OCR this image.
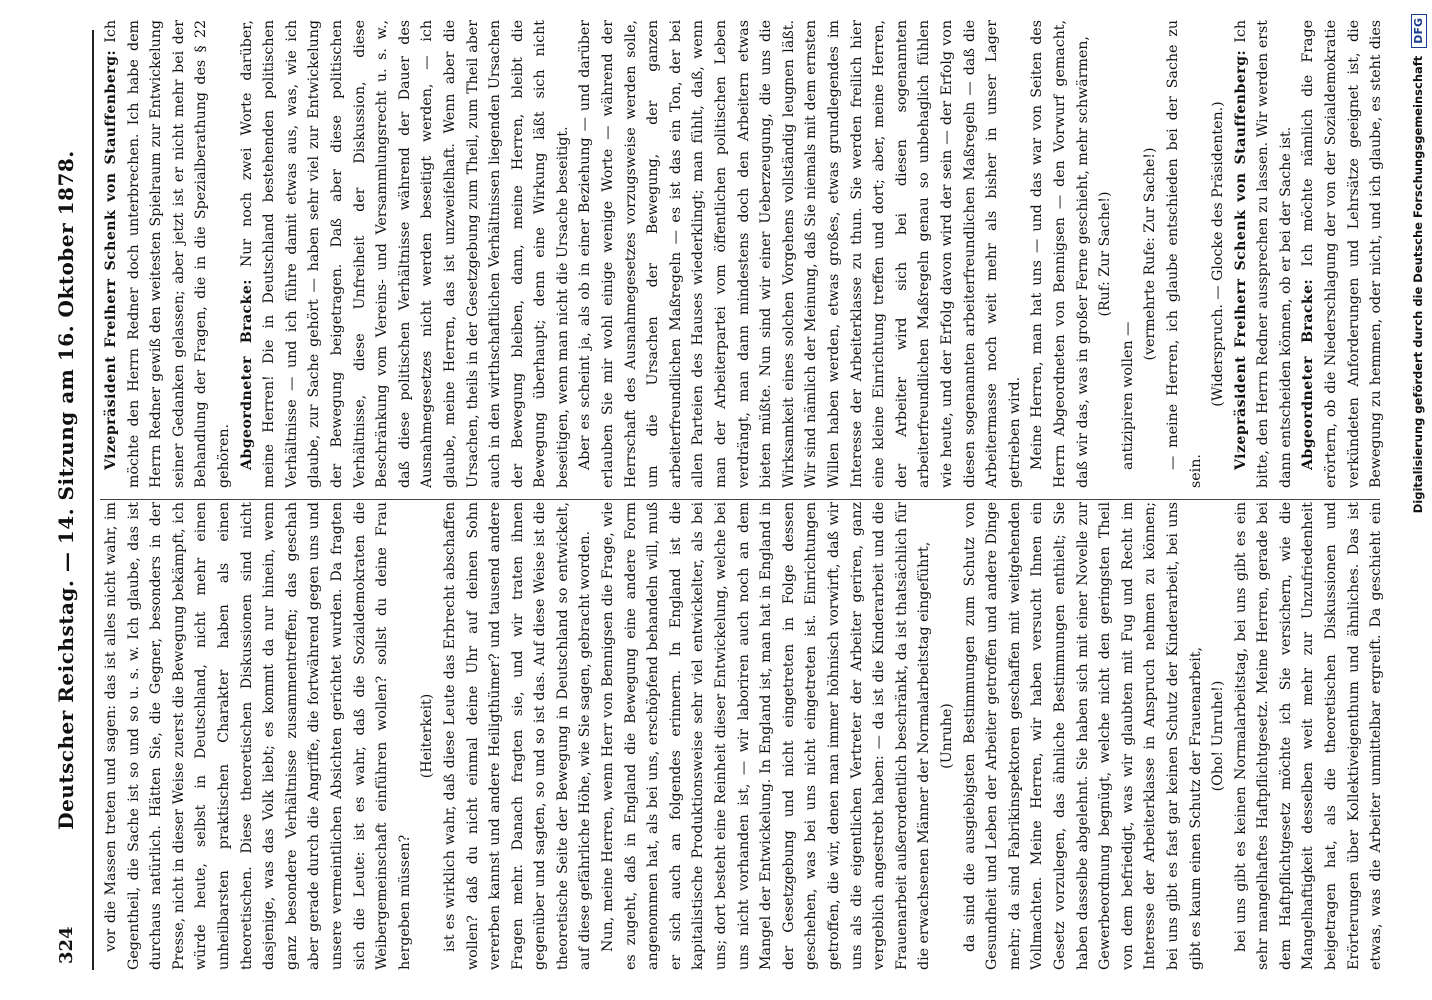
324
Deutscher Reichstag. — 14. Sitzung am 16. Oktober 1878. vor die Massen treten und sagen: das ist alles nicht wahr, im Gegentheil, die Sache ist so und so u. s. w. Ich glaube, das ist durchaus natürlich. Hätten Sie, die Gegner, besonders in der Presse, nicht in dieser Weise zuerst die Bewegung bekämpft, ich würde heute, selbst in Deutschland, nicht mehr einen unheilbarsten praktischen Charakter haben als einen theoretischen. Diese theoretischen Diskussionen sind nicht dasjenige, was das Volk liebt; es kommt da nur hinein, wenn ganz besondere Verhältnisse zusammentreffen; das geschah aber gerade durch die Angriffe, die fortwährend gegen uns und unsere vermeintlichen Absichten gerichtet wurden. Da fragten sich die Leute: ist es wahr, daß die Sozialdemokraten die Weibergemeinschaft einführen wollen? sollst du deine Frau hergeben müssen?

(Heiterkeit) ist es wirklich wahr, daß diese Leute das Erbrecht abschaffen wollen? daß du nicht einmal deine Uhr auf deinen Sohn vererben kannst und andere Heiligthümer? und tausend andere Fragen mehr. Danach fragten sie, und wir traten ihnen gegenüber und sagten, so und so ist das. Auf diese Weise ist die theoretische Seite der Bewegung in Deutschland so entwickelt, auf diese gefährliche Höhe, wie Sie sagen, gebracht worden. Nun, meine Herren, wenn Herr von Bennigsen die Frage, wie es zugeht, daß in England die Bewegung eine andere Form angenommen hat, als bei uns, erschöpfend behandeln will, muß er sich auch an folgendes erinnern. In England ist die kapitalistische Produktionsweise sehr viel entwickelter, als bei uns; dort besteht eine Reinheit dieser Entwickelung, welche bei uns nicht vorhanden ist, — wir laboriren auch noch an dem Mangel der Entwickelung. In England ist, man hat in England in der Gesetzgebung und nicht eingetreten in Folge dessen geschehen, was bei uns nicht eingetreten ist. Einrichtungen getroffen, die wir, denen man immer höhnisch vorwirft, daß wir uns als die eigentlichen Vertreter der Arbeiter geriren, ganz vergeblich angestrebt haben: — da ist die Kinderarbeit und die Frauenarbeit außerordentlich beschränkt, da ist thatsächlich für die erwachsenen Männer der Normalarbeitstag eingeführt, (Unruhe) da sind die ausgiebigsten Bestimmungen zum Schutz von Gesundheit und Leben der Arbeiter getroffen und andere Dinge mehr; da sind Fabrikinspektoren geschaffen mit weitgehenden Vollmachten. Meine Herren, wir haben versucht Ihnen ein Gesetz vorzulegen, das ähnliche Bestimmungen enthielt; Sie haben dasselbe abgelehnt. Sie haben sich mit einer Novelle zur Gewerbeordnung begnügt, welche nicht den geringsten Theil von dem befriedigt, was wir glaubten mit Fug und Recht im Interesse der Arbeiterklasse in Anspruch nehmen zu können; bei uns gibt es fast gar keinen Schutz der Kinderarbeit, bei uns gibt es kaum einen Schutz der Frauenarbeit, (Oho! Unruhe!)

bei uns gibt es keinen Normalarbeitstag, bei uns gibt es ein sehr mangelhaftes Haftpflichtgesetz. Meine Herren, gerade bei dem Haftpflichtgesetz möchte ich Sie versichern, wie die Mangelhaftigkeit desselben weit mehr zur Unzufriedenheit beigetragen hat, als die theoretischen Diskussionen und Erörterungen über Kollektiveigenthum und ähnliches. Das ist etwas, was die Arbeiter unmittelbar ergreift. Da geschieht ein

Vizepräsident Freiherr Schenk von Stauffenberg: Ich möchte den Herrn Redner doch unterbrechen. Ich habe dem Herrn Redner gewiß den weitesten Spielraum zur Entwickelung seiner Gedanken gelassen; aber jetzt ist er nicht mehr bei der Behandlung der Fragen, die in die Spezialberathung des § 22 gehören. Abgeordneter Bracke: Nur noch zwei Worte darüber, meine Herren! Die in Deutschland bestehenden politischen Verhältnisse — und ich führe damit etwas aus, was, wie ich glaube, zur Sache gehört — haben sehr viel zur Entwickelung der Bewegung beigetragen. Daß aber diese politischen Verhältnisse, diese Unfreiheit der Diskussion, diese Beschränkung vom Vereins- und Versammlungsrecht u. s. w., daß diese politischen Verhältnisse während der Dauer des Ausnahmegesetzes nicht werden beseitigt werden, — ich glaube, meine Herren, das ist unzweifelhaft. Wenn aber die Ursachen, theils in der Gesetzgebung zum Theil, zum Theil aber auch in den wirthschaftlichen Verhältnissen liegenden Ursachen der Bewegung bleiben, dann, meine Herren, bleibt die Bewegung überhaupt; denn eine Wirkung läßt sich nicht beseitigen, wenn man nicht die Ursache beseitigt. Aber es scheint ja, als ob in einer Beziehung — und darüber erlauben Sie mir wohl einige wenige Worte — während der Herrschaft des Ausnahmegesetzes vorzugsweise werden solle, um die Ursachen der Bewegung, der ganzen arbeiterfreundlichen Maßregeln — es ist das ein Ton, der bei allen Parteien des Hauses wiederklingt; man fühlt, daß, wenn man der Arbeiterpartei vom öffentlichen politischen Leben verdrängt, man dann mindestens doch den Arbeitern etwas bieten müßte. Nun sind wir einer Ueberzeugung, die uns die Wirksamkeit eines solchen Vorgehens vollständig leugnen läßt. Wir sind nämlich der Meinung, daß Sie niemals mit dem ernsten Willen haben werden, etwas großes, etwas grundlegendes im Interesse der Arbeiterklasse zu thun. Sie werden freilich hier eine kleine Einrichtung treffen und dort; aber, meine Herren, der Arbeiter wird sich bei diesen sogenannten arbeiterfreundlichen Maßregeln genau so unbehaglich fühlen wie heute, und der Erfolg davon wird der sein — der Erfolg von diesen sogenannten arbeiterfreundlichen Maßregeln — daß die Arbeitermasse noch weit mehr als bisher in unser Lager getrieben wird. Meine Herren, man hat uns — und das war von Seiten des Herrn Abgeordneten von Bennigsen — den Vorwurf gemacht, daß wir das, was in großer Ferne geschieht, mehr schwärmen, (Ruf: Zur Sache!)

antizipiren wollen —

(vermehrte Rufe: Zur Sache!) — meine Herren, ich glaube entschieden bei der Sache zu sein.

(Widerspruch. — Glocke des Präsidenten.) Vizepräsident Freiherr Schenk von Stauffenberg: Ich bitte, den Herrn Redner aussprechen zu lassen. Wir werden erst dann entscheiden können, ob er bei der Sache ist. Abgeordneter Bracke: Ich möchte nämlich die Frage erörtern, ob die Niederschlagung der von der Sozialdemokratie verkündeten Anforderungen und Lehrsätze geeignet ist, die Bewegung zu hemmen, oder nicht, und ich glaube, es steht dies

Digitalisierung gefördert durch die Deutsche Forschungsgemeinschaft DFG
